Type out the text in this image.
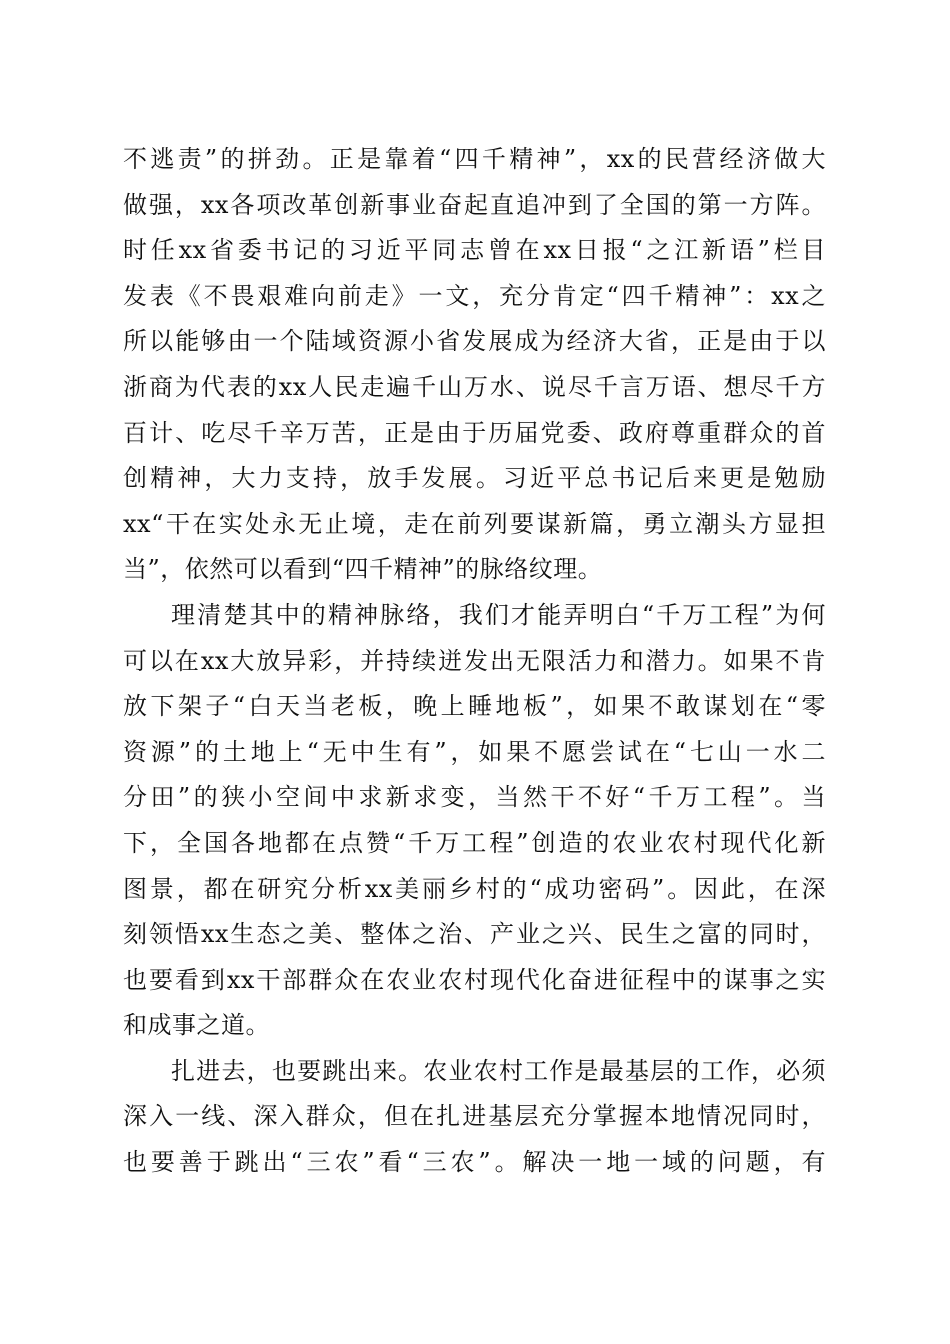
不逃责”的拼劲。正是靠着“四千精神”，xx的民营经济做大
做强，xx各项改革创新事业奋起直追冲到了全国的第一方阵。
时任xx省委书记的习近平同志曾在xx日报“之江新语”栏目
发表《不畏艰难向前走》一文，充分肯定“四千精神”：xx之
所以能够由一个陆域资源小省发展成为经济大省，正是由于以
浙商为代表的xx人民走遍千山万水、说尽千言万语、想尽千方
百计、吃尽千辛万苦，正是由于历届党委、政府尊重群众的首
创精神，大力支持，放手发展。习近平总书记后来更是勉励
xx“干在实处永无止境，走在前列要谋新篇，勇立潮头方显担
当”，依然可以看到“四千精神”的脉络纹理。
理清楚其中的精神脉络，我们才能弄明白“千万工程”为何
可以在xx大放异彩，并持续迸发出无限活力和潜力。如果不肯
放下架子“白天当老板，晚上睡地板”，如果不敢谋划在“零
资源”的土地上“无中生有”，如果不愿尝试在“七山一水二
分田”的狭小空间中求新求变，当然干不好“千万工程”。当
下，全国各地都在点赞“千万工程”创造的农业农村现代化新
图景，都在研究分析xx美丽乡村的“成功密码”。因此，在深
刻领悟xx生态之美、整体之治、产业之兴、民生之富的同时，
也要看到xx干部群众在农业农村现代化奋进征程中的谋事之实
和成事之道。
扎进去，也要跳出来。农业农村工作是最基层的工作，必须
深入一线、深入群众，但在扎进基层充分掌握本地情况同时，
也要善于跳出“三农”看“三农”。解决一地一域的问题，有
